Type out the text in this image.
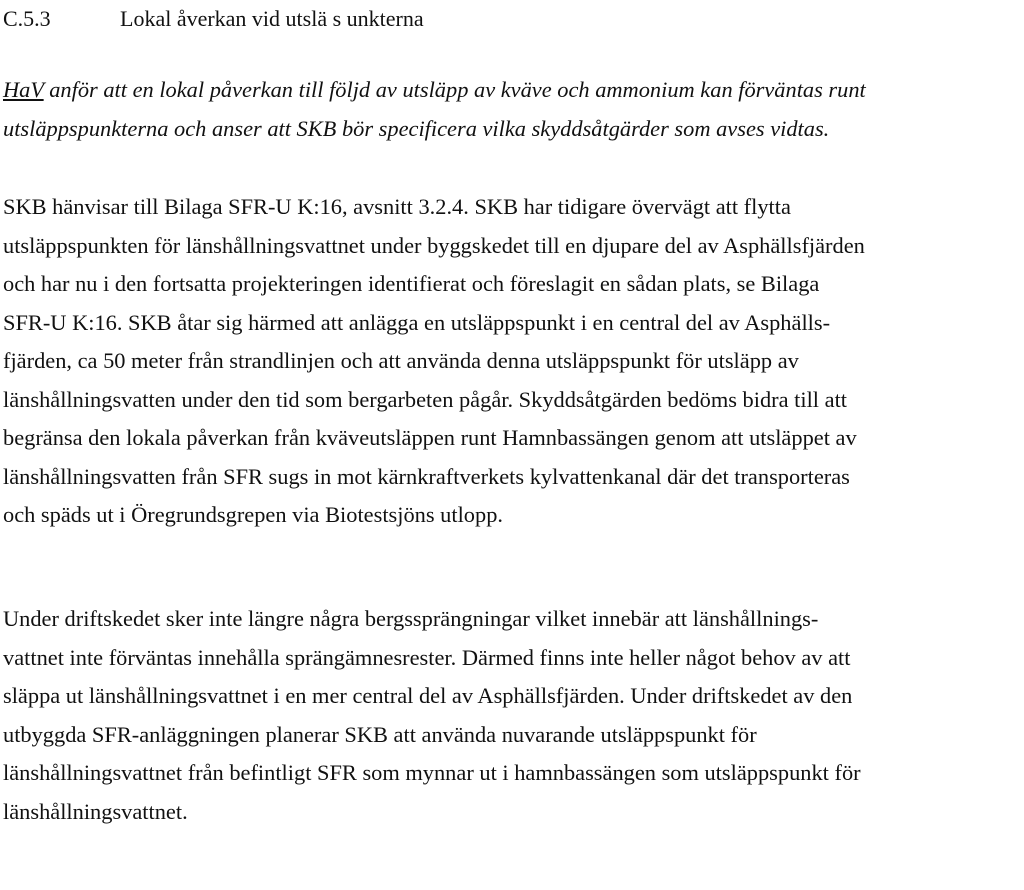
C.5.3	Lokal åverkan vid utslä s unkterna

HaV anför att en lokal påverkan till följd av utsläpp av kväve och ammonium kan förväntas runt
utsläppspunkterna och anser att SKB bör specificera vilka skyddsåtgärder som avses vidtas.

SKB hänvisar till Bilaga SFR-U K:16, avsnitt 3.2.4. SKB har tidigare övervägt att flytta
utsläppspunkten för länshållningsvattnet under byggskedet till en djupare del av Asphällsfjärden
och har nu i den fortsatta projekteringen identifierat och föreslagit en sådan plats, se Bilaga
SFR-U K:16. SKB åtar sig härmed att anlägga en utsläppspunkt i en central del av Asphälls-
fjärden, ca 50 meter från strandlinjen och att använda denna utsläppspunkt för utsläpp av
länshållningsvatten under den tid som bergarbeten pågår. Skyddsåtgärden bedöms bidra till att
begränsa den lokala påverkan från kväveutsläppen runt Hamnbassängen genom att utsläppet av
länshållningsvatten från SFR sugs in mot kärnkraftverkets kylvattenkanal där det transporteras
och späds ut i Öregrundsgrepen via Biotestsjöns utlopp.

Under driftskedet sker inte längre några bergssprängningar vilket innebär att länshållnings-
vattnet inte förväntas innehålla sprängämnesrester. Därmed finns inte heller något behov av att
släppa ut länshållningsvattnet i en mer central del av Asphällsfjärden. Under driftskedet av den
utbyggda SFR-anläggningen planerar SKB att använda nuvarande utsläppspunkt för
länshållningsvattnet från befintligt SFR som mynnar ut i hamnbassängen som utsläppspunkt för
länshållningsvattnet.
